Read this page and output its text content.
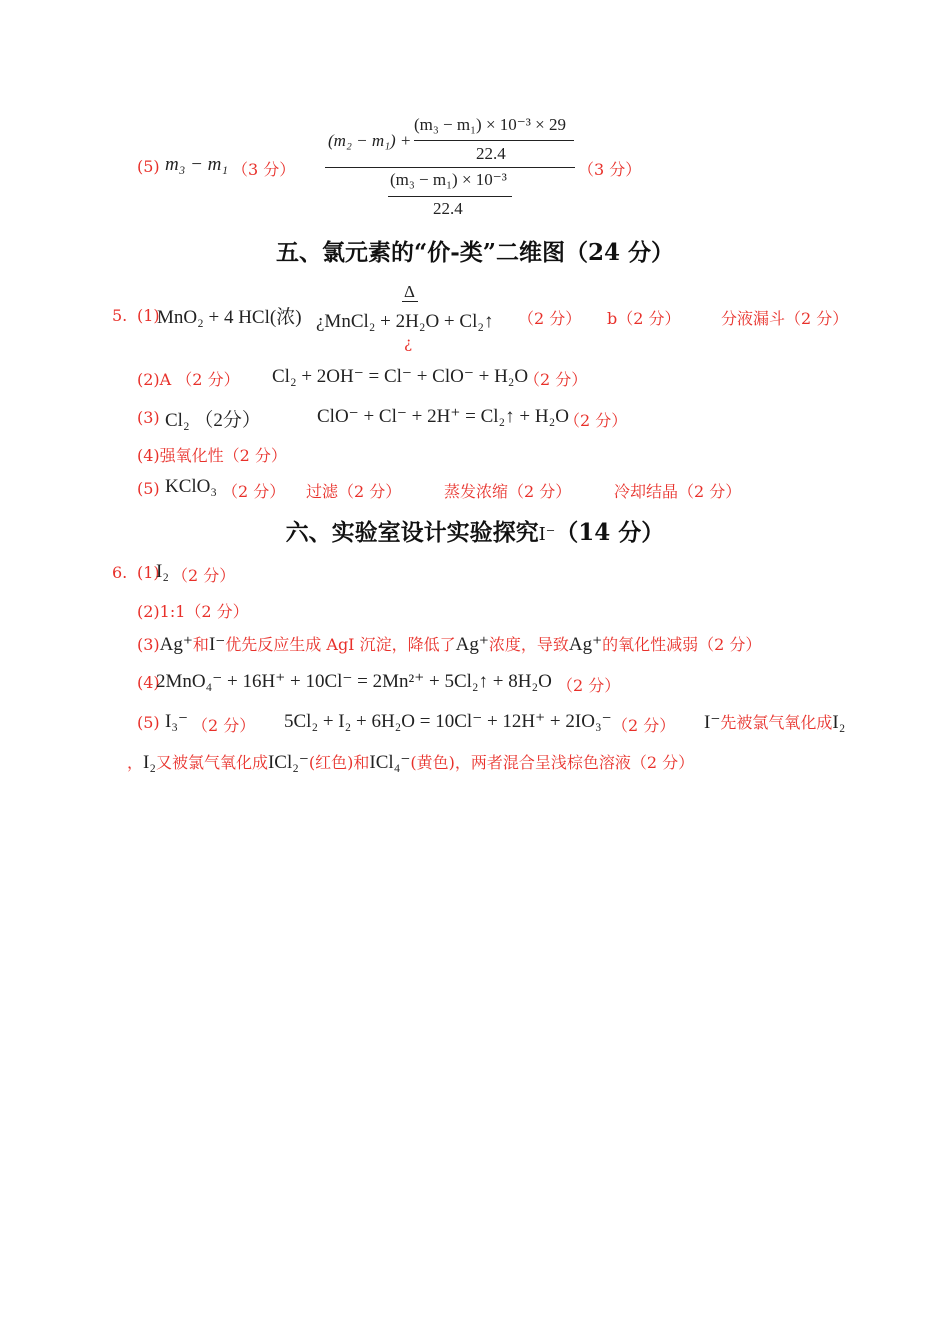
(5) m₃ − m₁ （3 分）
(m₂ − m₁) +
(m₃ − m₁) × 10⁻³ × 29
22.4
(m₃ − m₁) × 10⁻³
22.4
（3 分）
五、氯元素的“价-类”二维图（24 分）
5. (1)
MnO₂ + 4 HCl(浓)
Δ
¿MnCl₂ + 2H₂O + Cl₂↑
¿
（2 分） b（2 分）	分液漏斗（2 分）
(2)A （2 分） Cl₂ + 2OH⁻ = Cl⁻ + ClO⁻ + H₂O
（2 分）
(3) Cl₂ （2分）	ClO⁻ + Cl⁻ + 2H⁺ = Cl₂↑ + H₂O
（2 分）
(4)强氧化性（2 分）
(5) KClO₃ （2 分） 过滤（2 分）	蒸发浓缩（2 分）	冷却结晶（2 分）
六、实验室设计实验探究I⁻（14 分）
6. (1)
I₂ （2 分）
(2)1:1（2 分）
(3)Ag⁺和I⁻优先反应生成 AgI 沉淀，降低了Ag⁺浓度，导致Ag⁺的氧化性减弱（2 分）
(4)
2MnO₄⁻ + 16H⁺ + 10Cl⁻ = 2Mn²⁺ + 5Cl₂↑ + 8H₂O （2 分）
(5) I₃⁻ （2 分） 5Cl₂ + I₂ + 6H₂O = 10Cl⁻ + 12H⁺ + 2IO₃⁻ （2 分） I⁻先被氯气氧化成I₂
，I₂又被氯气氧化成ICl₂⁻(红色)和ICl₄⁻(黄色)，两者混合呈浅棕色溶液（2 分）
